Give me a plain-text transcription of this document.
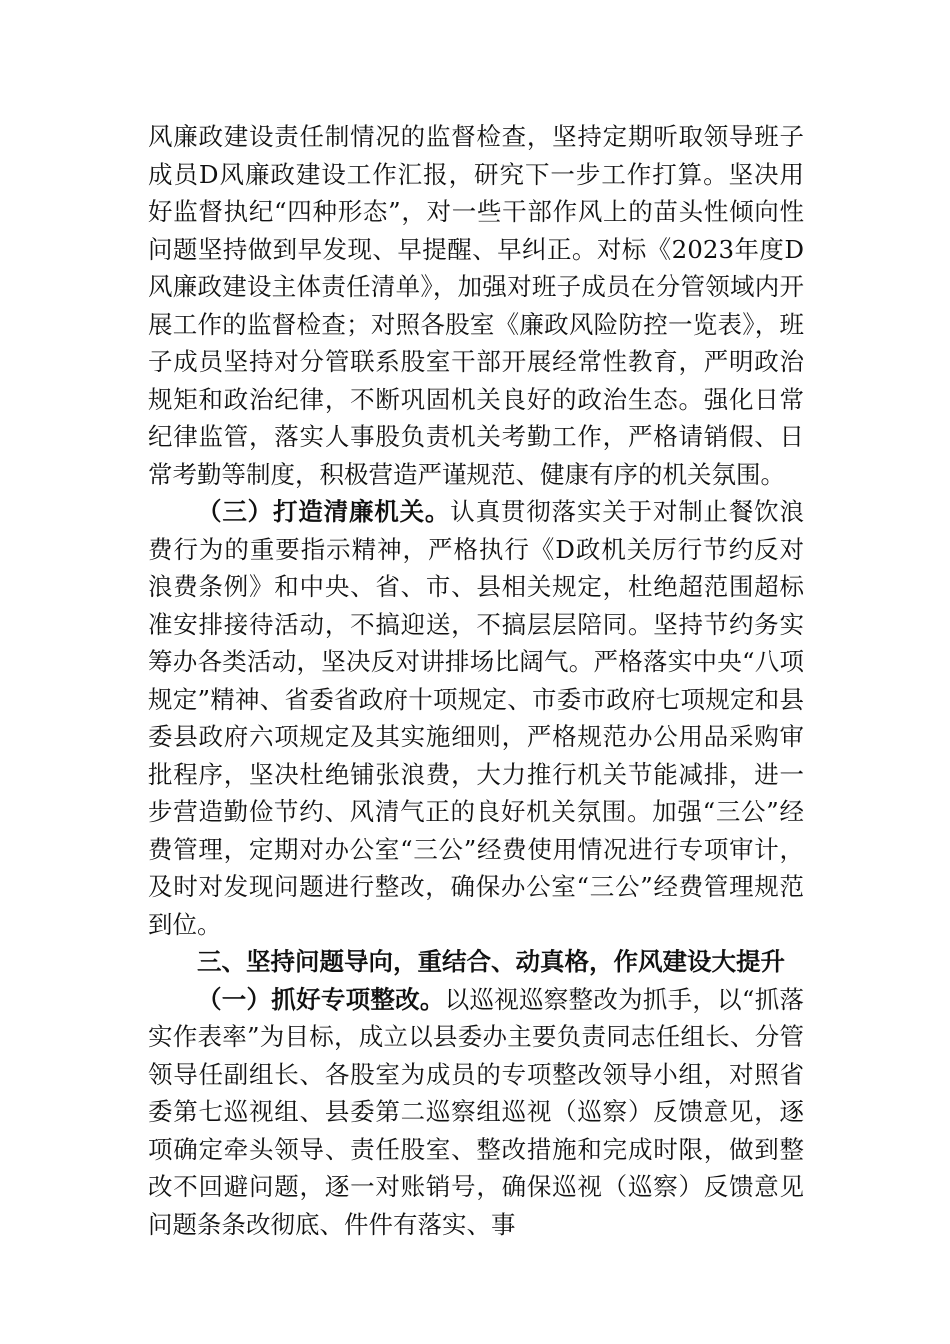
风廉政建设责任制情况的监督检查，坚持定期听取领导班子成员D风廉政建设工作汇报，研究下一步工作打算。坚决用好监督执纪“四种形态”，对一些干部作风上的苗头性倾向性问题坚持做到早发现、早提醒、早纠正。对标《2023年度D风廉政建设主体责任清单》，加强对班子成员在分管领域内开展工作的监督检查；对照各股室《廉政风险防控一览表》，班子成员坚持对分管联系股室干部开展经常性教育，严明政治规矩和政治纪律，不断巩固机关良好的政治生态。强化日常纪律监管，落实人事股负责机关考勤工作，严格请销假、日常考勤等制度，积极营造严谨规范、健康有序的机关氛围。

（三）打造清廉机关。认真贯彻落实关于对制止餐饮浪费行为的重要指示精神，严格执行《D政机关厉行节约反对浪费条例》和中央、省、市、县相关规定，杜绝超范围超标准安排接待活动，不搞迎送，不搞层层陪同。坚持节约务实筹办各类活动，坚决反对讲排场比阔气。严格落实中央“八项规定”精神、省委省政府十项规定、市委市政府七项规定和县委县政府六项规定及其实施细则，严格规范办公用品采购审批程序，坚决杜绝铺张浪费，大力推行机关节能减排，进一步营造勤俭节约、风清气正的良好机关氛围。加强“三公”经费管理，定期对办公室“三公”经费使用情况进行专项审计，及时对发现问题进行整改，确保办公室“三公”经费管理规范到位。

三、坚持问题导向，重结合、动真格，作风建设大提升

（一）抓好专项整改。以巡视巡察整改为抓手，以“抓落实作表率”为目标，成立以县委办主要负责同志任组长、分管领导任副组长、各股室为成员的专项整改领导小组，对照省委第七巡视组、县委第二巡察组巡视（巡察）反馈意见，逐项确定牵头领导、责任股室、整改措施和完成时限，做到整改不回避问题，逐一对账销号，确保巡视（巡察）反馈意见问题条条改彻底、件件有落实、事
